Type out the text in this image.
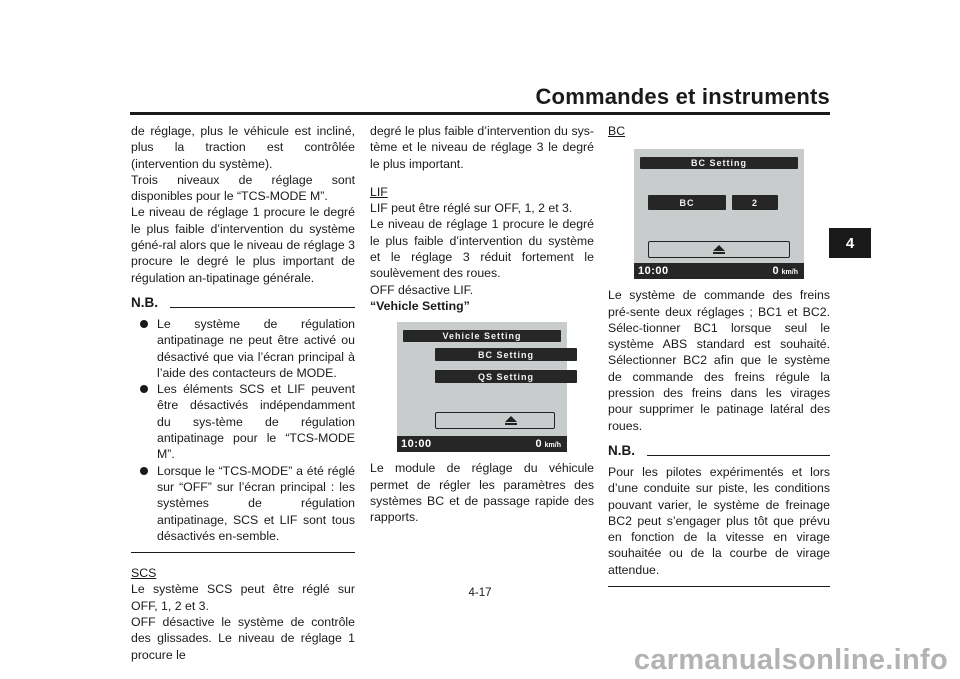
Commandes et instruments
4

de réglage, plus le véhicule est incliné, plus la traction est contrôlée (intervention du système).

Trois niveaux de réglage sont disponibles pour le “TCS-MODE M”.

Le niveau de réglage 1 procure le degré le plus faible d’intervention du système géné-ral alors que le niveau de réglage 3 procure le degré le plus important de régulation an-tipatinage générale.

N.B.
Le système de régulation antipatinage ne peut être activé ou désactivé que via l’écran principal à l’aide des contacteurs de MODE.
Les éléments SCS et LIF peuvent être désactivés indépendamment du sys-tème de régulation antipatinage pour le “TCS-MODE M”.
Lorsque le “TCS-MODE” a été réglé sur “OFF” sur l’écran principal : les systèmes de régulation antipatinage, SCS et LIF sont tous désactivés en-semble.

SCS

Le système SCS peut être réglé sur OFF, 1, 2 et 3.

OFF désactive le système de contrôle des glissades. Le niveau de réglage 1 procure le

degré le plus faible d’intervention du sys-tème et le niveau de réglage 3 le degré le plus important.

LIF

LIF peut être réglé sur OFF, 1, 2 et 3.

Le niveau de réglage 1 procure le degré le plus faible d’intervention du système et le réglage 3 réduit fortement le soulèvement des roues.

OFF désactive LIF.

“Vehicle Setting”

Vehicle Setting
BC Setting
QS Setting
10:00	0 km/h

Le module de réglage du véhicule permet de régler les paramètres des systèmes BC et de passage rapide des rapports.

BC

BC Setting
BC	2
10:00	0 km/h

Le système de commande des freins pré-sente deux réglages ; BC1 et BC2. Sélec-tionner BC1 lorsque seul le système ABS standard est souhaité. Sélectionner BC2 afin que le système de commande des freins régule la pression des freins dans les virages pour supprimer le patinage latéral des roues.

N.B.

Pour les pilotes expérimentés et lors d’une conduite sur piste, les conditions pouvant varier, le système de freinage BC2 peut s’engager plus tôt que prévu en fonction de la vitesse en virage souhaitée ou de la courbe de virage attendue.

4-17
carmanualsonline.info
